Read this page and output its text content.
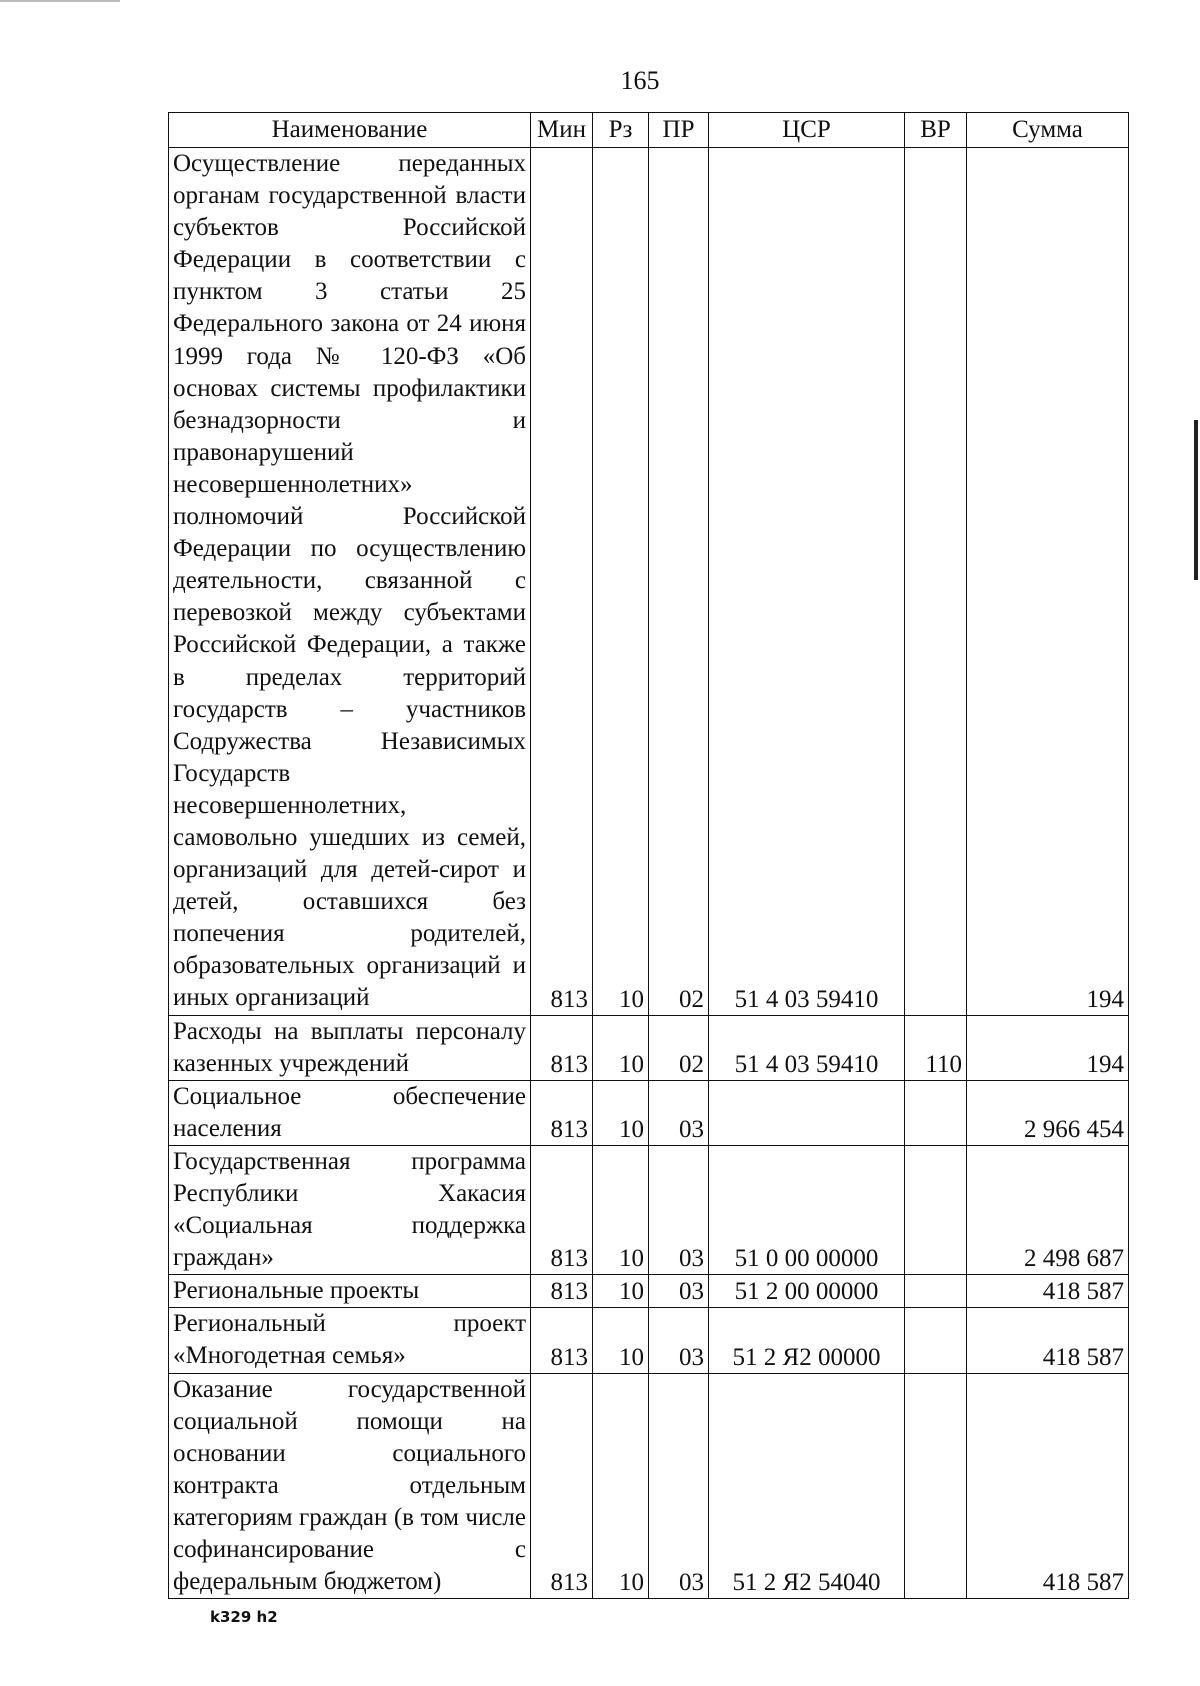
165
Наименование	Мин	Рз	ПР	ЦСР	ВР	Сумма
Осуществление переданных органам государственной власти субъектов Российской Федерации в соответствии с пунктом 3 статьи 25 Федерального закона от 24 июня 1999 года № 120-ФЗ «Об основах системы профилактики безнадзорности и правонарушений несовершеннолетних» полномочий Российской Федерации по осуществлению деятельности, связанной с перевозкой между субъектами Российской Федерации, а также в пределах территорий государств – участников Содружества Независимых Государств несовершеннолетних, самовольно ушедших из семей, организаций для детей-сирот и детей, оставшихся без попечения родителей, образовательных организаций и иных организаций	813	10	02	51 4 03 59410		194
Расходы на выплаты персоналу казенных учреждений	813	10	02	51 4 03 59410	110	194
Социальное обеспечение населения	813	10	03			2 966 454
Государственная программа Республики Хакасия «Социальная поддержка граждан»	813	10	03	51 0 00 00000		2 498 687
Региональные проекты	813	10	03	51 2 00 00000		418 587
Региональный проект «Многодетная семья»	813	10	03	51 2 Я2 00000		418 587
Оказание государственной социальной помощи на основании социального контракта отдельным категориям граждан (в том числе софинансирование с федеральным бюджетом)	813	10	03	51 2 Я2 54040		418 587
k329 h2
